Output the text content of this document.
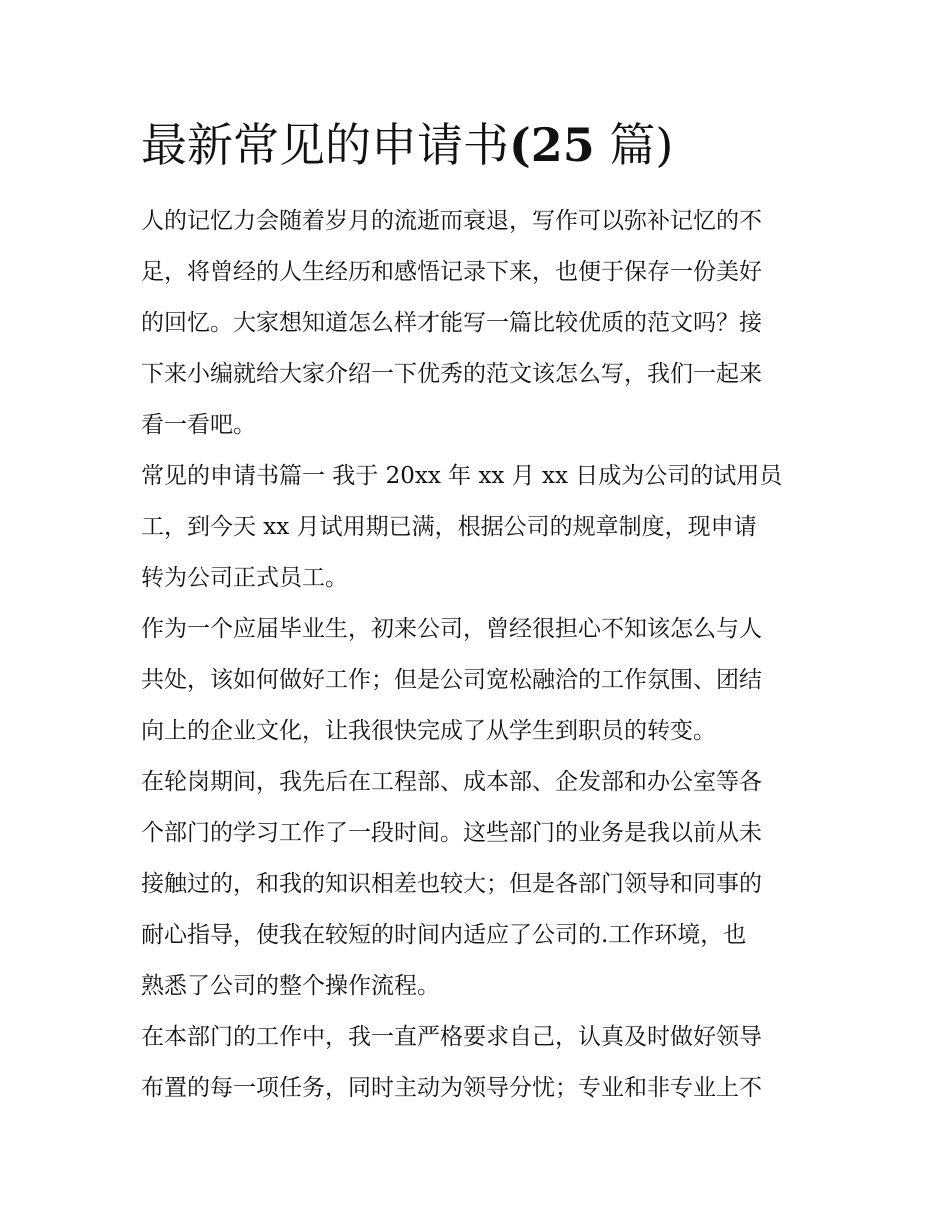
最新常见的申请书(25 篇)
人的记忆力会随着岁月的流逝而衰退，写作可以弥补记忆的不
足，将曾经的人生经历和感悟记录下来，也便于保存一份美好
的回忆。大家想知道怎么样才能写一篇比较优质的范文吗？接
下来小编就给大家介绍一下优秀的范文该怎么写，我们一起来
看一看吧。
常见的申请书篇一 我于 20xx 年 xx 月 xx 日成为公司的试用员
工，到今天 xx 月试用期已满，根据公司的规章制度，现申请
转为公司正式员工。
作为一个应届毕业生，初来公司，曾经很担心不知该怎么与人
共处，该如何做好工作；但是公司宽松融洽的工作氛围、团结
向上的企业文化，让我很快完成了从学生到职员的转变。
在轮岗期间，我先后在工程部、成本部、企发部和办公室等各
个部门的学习工作了一段时间。这些部门的业务是我以前从未
接触过的，和我的知识相差也较大；但是各部门领导和同事的
耐心指导，使我在较短的时间内适应了公司的.工作环境，也
熟悉了公司的整个操作流程。
在本部门的工作中，我一直严格要求自己，认真及时做好领导
布置的每一项任务，同时主动为领导分忧；专业和非专业上不
